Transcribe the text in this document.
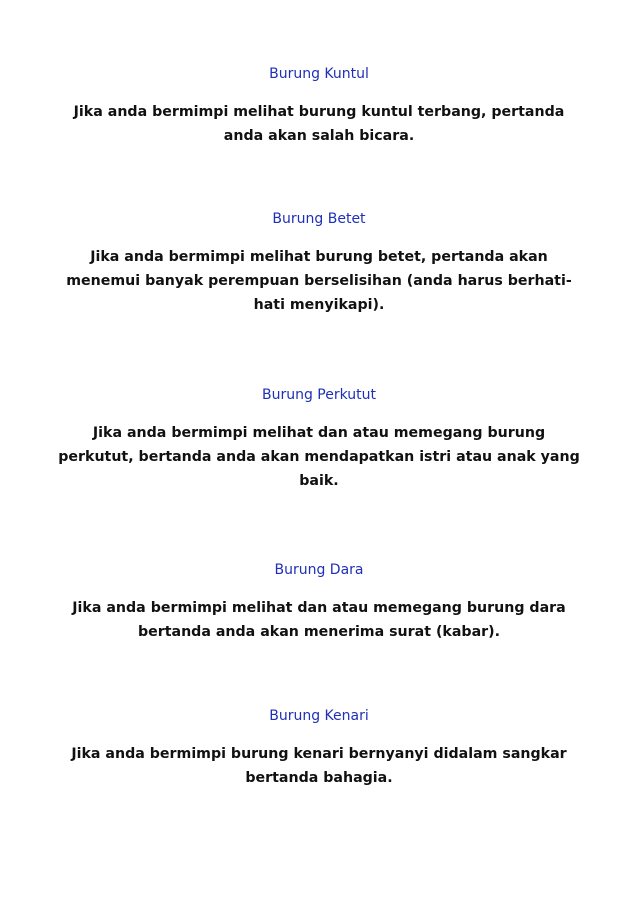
Burung Kuntul

Jika anda bermimpi melihat burung kuntul terbang, pertanda anda akan salah bicara.

Burung Betet

Jika anda bermimpi melihat burung betet, pertanda akan menemui banyak perempuan berselisihan (anda harus berhati-hati menyikapi).

Burung Perkutut

Jika anda bermimpi melihat dan atau memegang burung perkutut, bertanda anda akan mendapatkan istri atau anak yang baik.

Burung Dara

Jika anda bermimpi melihat dan atau memegang burung dara bertanda anda akan menerima surat (kabar).

Burung Kenari

Jika anda bermimpi burung kenari bernyanyi didalam sangkar bertanda bahagia.
